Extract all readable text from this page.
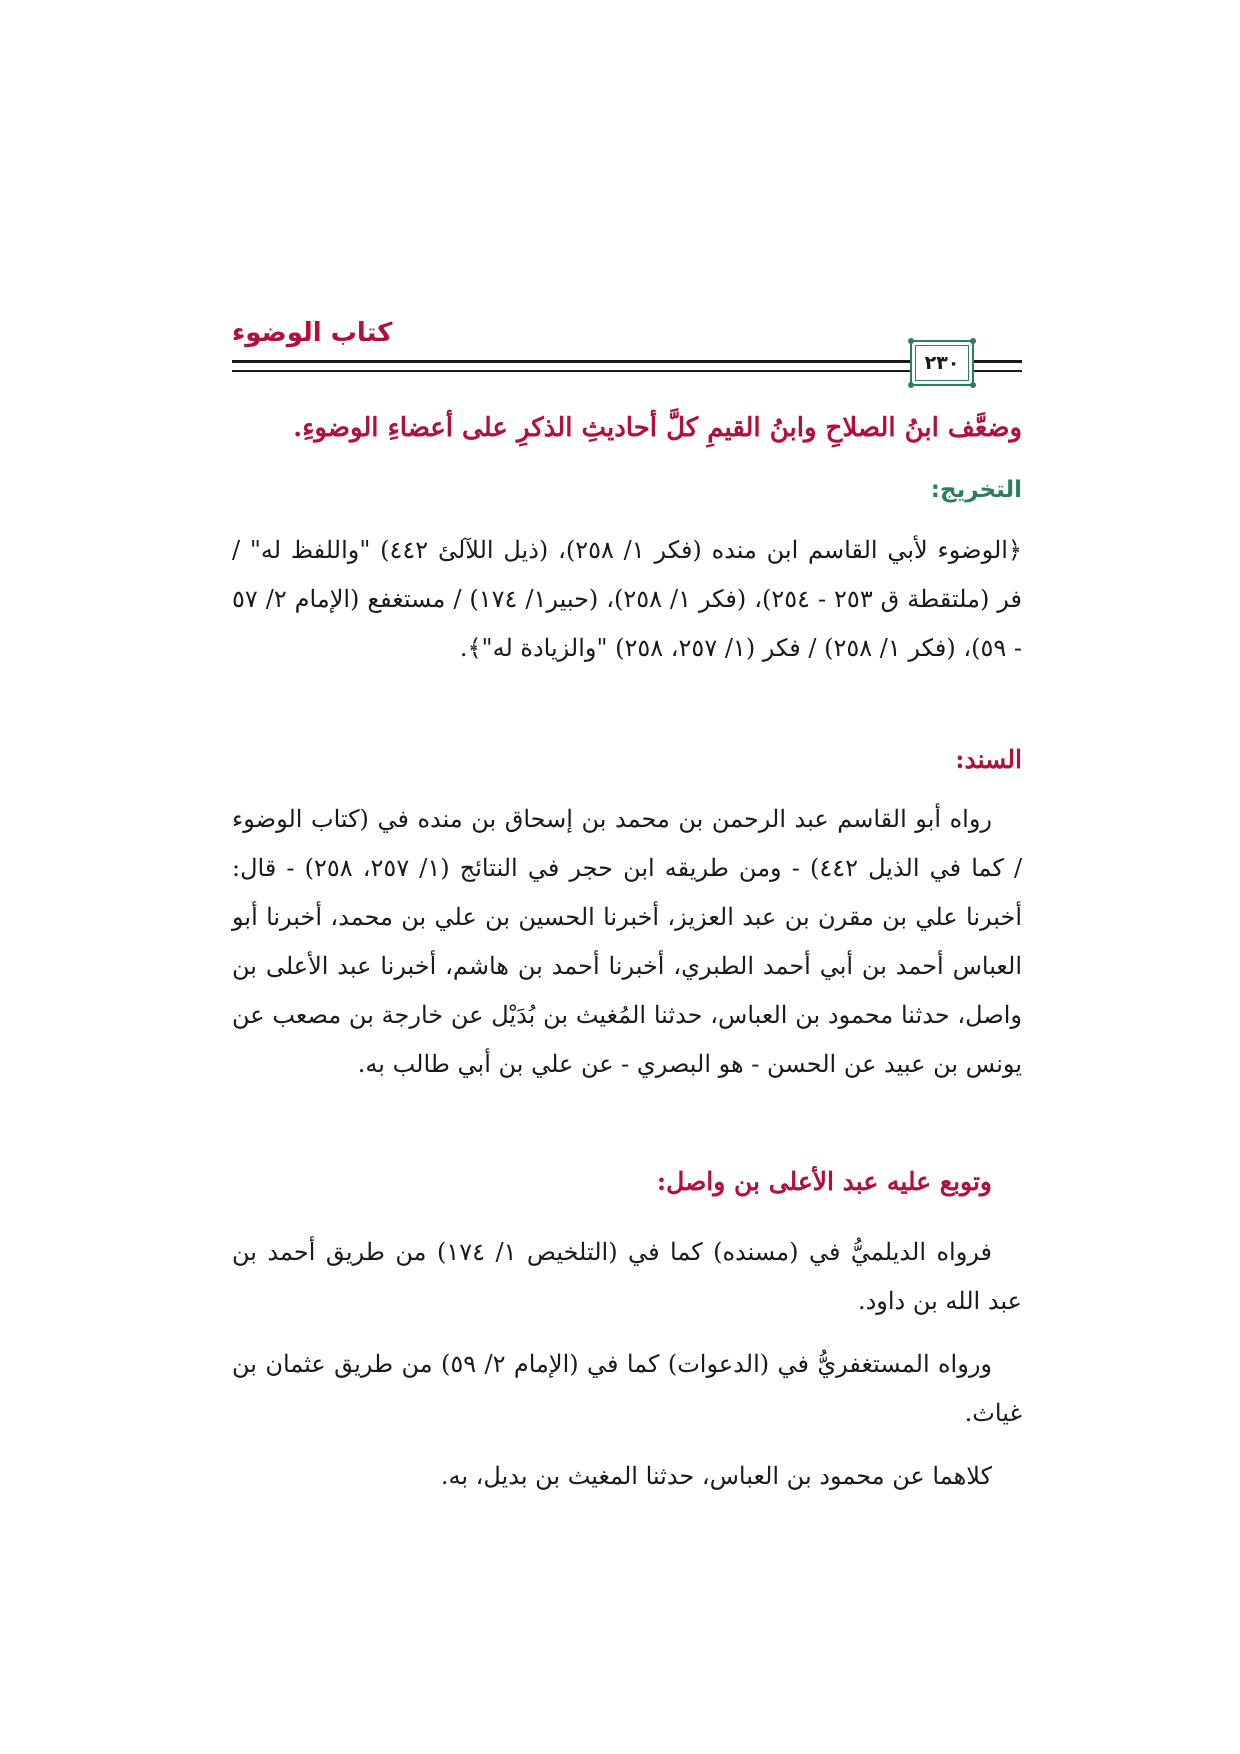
كتاب الوضوء
٢٣٠
وضعَّف ابنُ الصلاحِ وابنُ القيمِ كلَّ أحاديثِ الذكرِ على أعضاءِ الوضوءِ.
التخريج:
﴿الوضوء لأبي القاسم ابن منده (فكر ١/ ٢٥٨)، (ذيل اللآلئ ٤٤٢) "واللفظ له" / فر (ملتقطة ق ٢٥٣ - ٢٥٤)، (فكر ١/ ٢٥٨)، (حبير١/ ١٧٤) / مستغفع (الإمام ٢/ ٥٧ - ٥٩)، (فكر ١/ ٢٥٨) / فكر (١/ ٢٥٧، ٢٥٨) "والزيادة له"﴾.
السند:
رواه أبو القاسم عبد الرحمن بن محمد بن إسحاق بن منده في (كتاب الوضوء / كما في الذيل ٤٤٢) - ومن طريقه ابن حجر في النتائج (١/ ٢٥٧، ٢٥٨) - قال: أخبرنا علي بن مقرن بن عبد العزيز، أخبرنا الحسين بن علي بن محمد، أخبرنا أبو العباس أحمد بن أبي أحمد الطبري، أخبرنا أحمد بن هاشم، أخبرنا عبد الأعلى بن واصل، حدثنا محمود بن العباس، حدثنا المُغيث بن بُدَيْل عن خارجة بن مصعب عن يونس بن عبيد عن الحسن - هو البصري - عن علي بن أبي طالب به.
وتوبع عليه عبد الأعلى بن واصل:
فرواه الديلميُّ في (مسنده) كما في (التلخيص ١/ ١٧٤) من طريق أحمد بن عبد الله بن داود.
ورواه المستغفريُّ في (الدعوات) كما في (الإمام ٢/ ٥٩) من طريق عثمان بن غياث.
كلاهما عن محمود بن العباس، حدثنا المغيث بن بديل، به.
